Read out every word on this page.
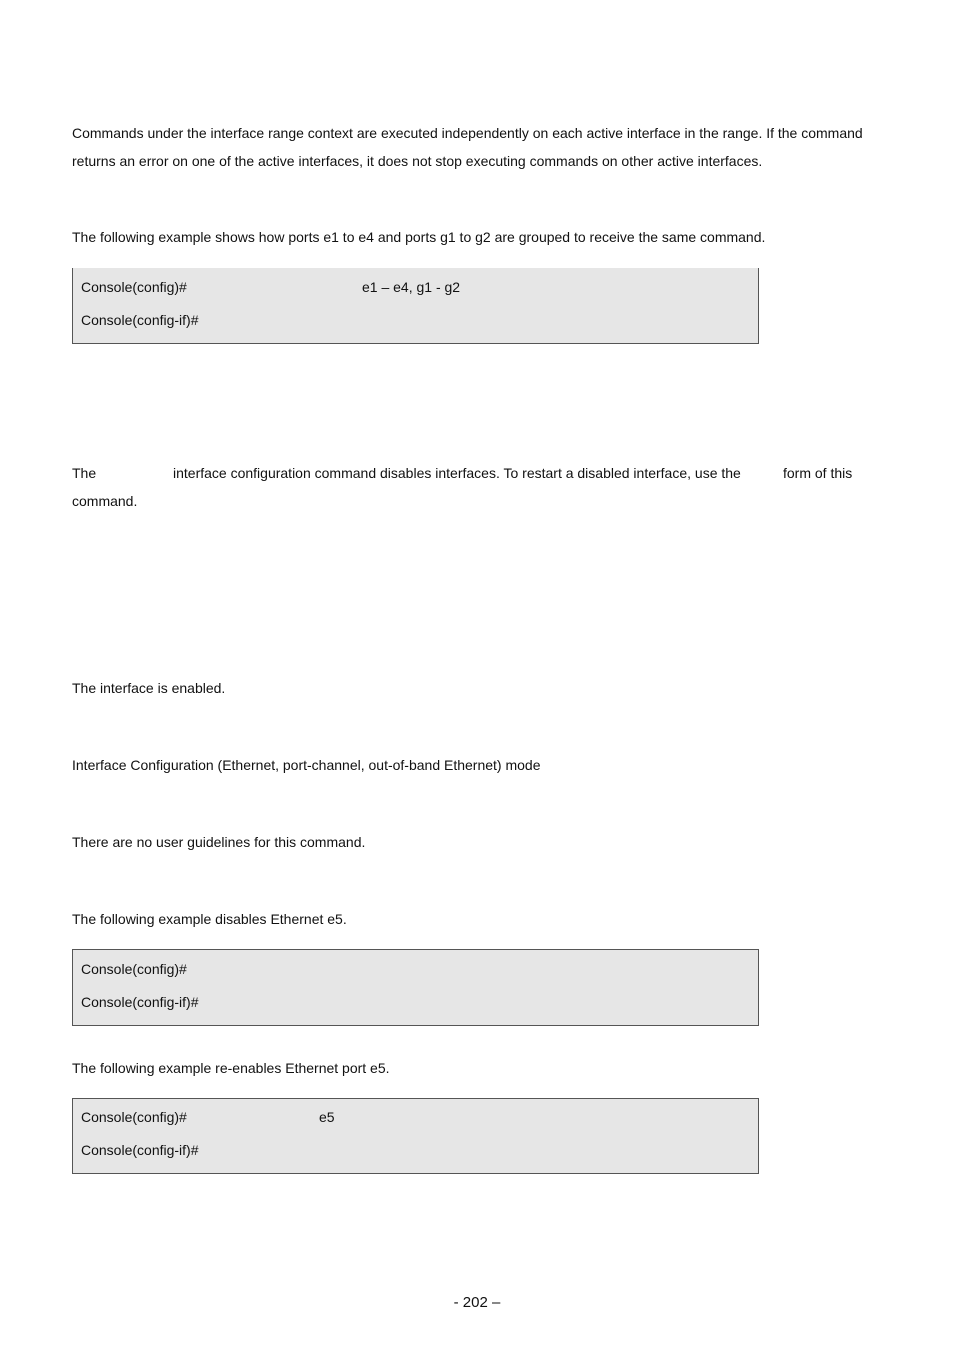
Commands under the interface range context are executed independently on each active interface in the range. If the command returns an error on one of the active interfaces, it does not stop executing commands on other active interfaces.
The following example shows how ports e1 to e4 and ports g1 to g2 are grouped to receive the same command.
Console(config)#	e1 – e4, g1 - g2
Console(config-if)#
The	interface configuration command disables interfaces. To restart a disabled interface, use the	form of this
command.
The interface is enabled.
Interface Configuration (Ethernet, port-channel, out-of-band Ethernet) mode
There are no user guidelines for this command.
The following example disables Ethernet e5.
Console(config)#
Console(config-if)#
The following example re-enables Ethernet port e5.
Console(config)#	e5
Console(config-if)#
- 202 –
